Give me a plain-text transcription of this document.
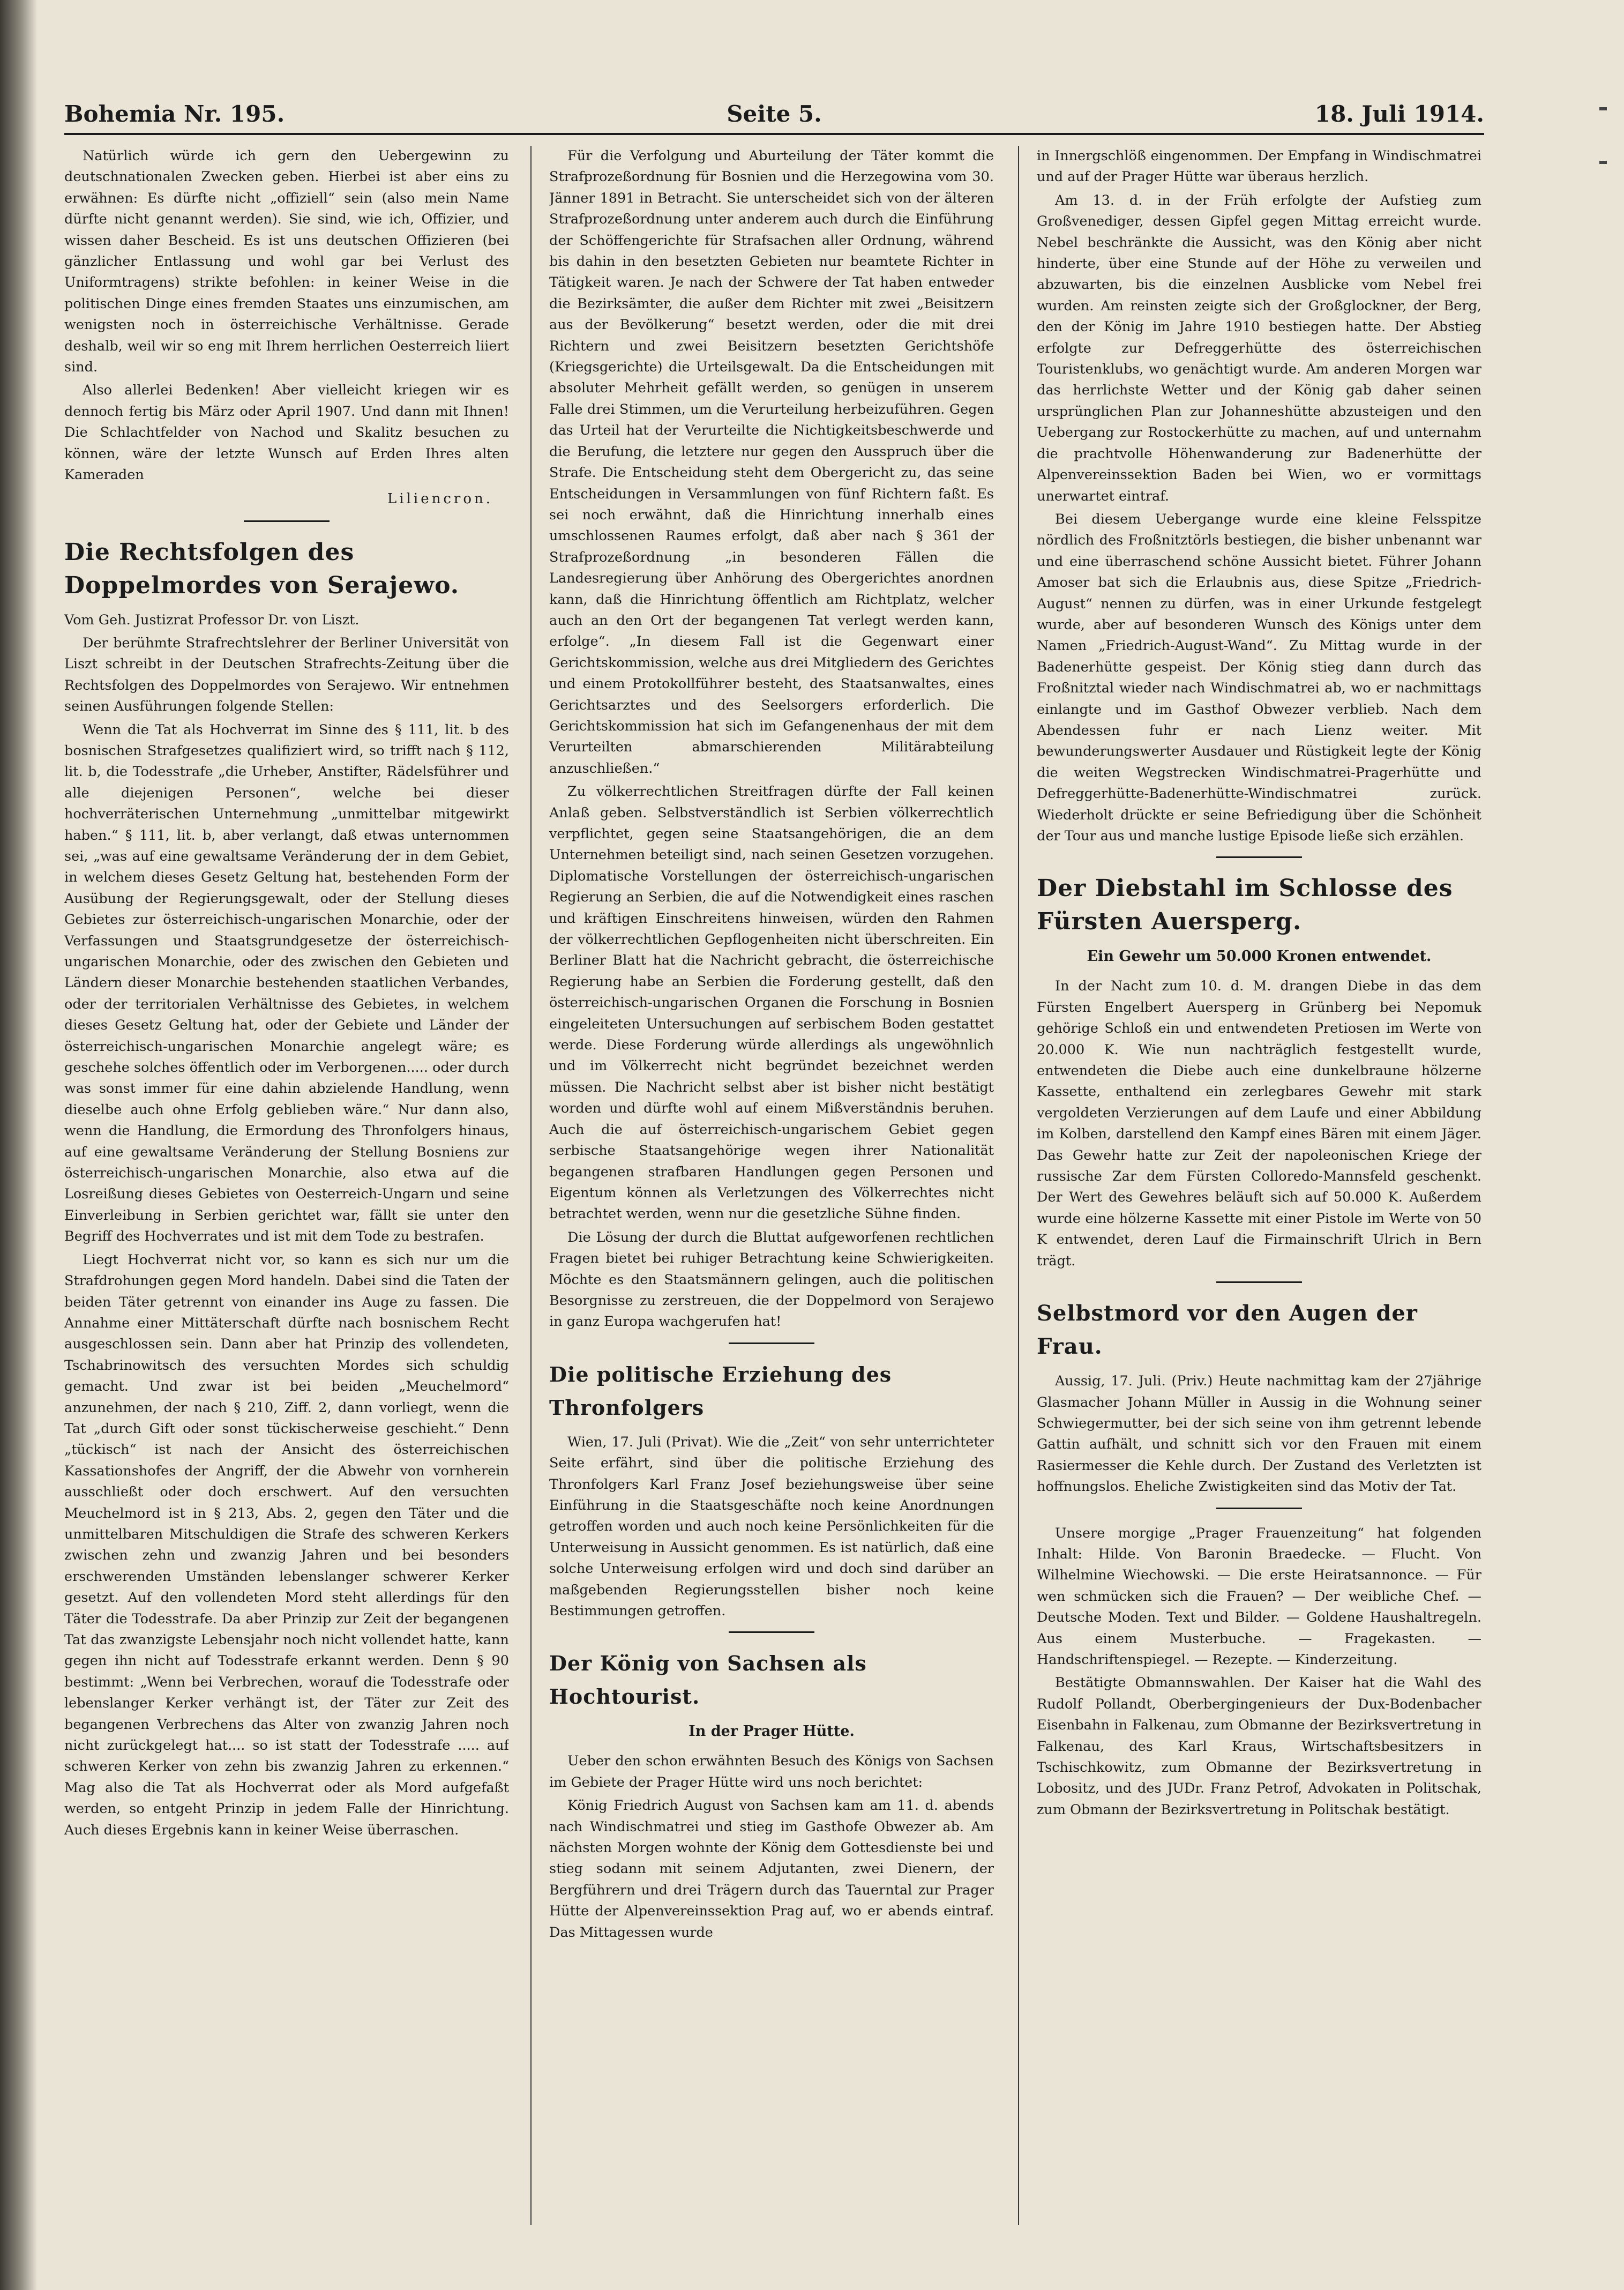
Bohemia Nr. 195.	Seite 5.	18. Juli 1914.

Natürlich würde ich gern den Uebergewinn zu deutschnationalen Zwecken geben. Hierbei ist aber eins zu erwähnen: Es dürfte nicht „offiziell“ sein (also mein Name dürfte nicht genannt werden). Sie sind, wie ich, Offizier, und wissen daher Bescheid. Es ist uns deutschen Offizieren (bei gänzlicher Entlassung und wohl gar bei Verlust des Uniformtragens) strikte befohlen: in keiner Weise in die politischen Dinge eines fremden Staates uns einzumischen, am wenigsten noch in österreichische Verhältnisse. Gerade deshalb, weil wir so eng mit Ihrem herrlichen Oesterreich liiert sind.

Also allerlei Bedenken! Aber vielleicht kriegen wir es dennoch fertig bis März oder April 1907. Und dann mit Ihnen! Die Schlachtfelder von Nachod und Skalitz besuchen zu können, wäre der letzte Wunsch auf Erden Ihres alten Kameraden

Liliencron.
Die Rechtsfolgen des Doppelmordes von Serajewo.

Vom Geh. Justizrat Professor Dr. von Liszt.

Der berühmte Strafrechtslehrer der Berliner Universität von Liszt schreibt in der Deutschen Strafrechts-Zeitung über die Rechtsfolgen des Doppelmordes von Serajewo. Wir entnehmen seinen Ausführungen folgende Stellen:

Wenn die Tat als Hochverrat im Sinne des § 111, lit. b des bosnischen Strafgesetzes qualifiziert wird, so trifft nach § 112, lit. b, die Todesstrafe „die Urheber, Anstifter, Rädelsführer und alle diejenigen Personen“, welche bei dieser hochverräterischen Unternehmung „unmittelbar mitgewirkt haben.“ § 111, lit. b, aber verlangt, daß etwas unternommen sei, „was auf eine gewaltsame Veränderung der in dem Gebiet, in welchem dieses Gesetz Geltung hat, bestehenden Form der Ausübung der Regierungsgewalt, oder der Stellung dieses Gebietes zur österreichisch-ungarischen Monarchie, oder der Verfassungen und Staatsgrundgesetze der österreichisch-ungarischen Monarchie, oder des zwischen den Gebieten und Ländern dieser Monarchie bestehenden staatlichen Verbandes, oder der territorialen Verhältnisse des Gebietes, in welchem dieses Gesetz Geltung hat, oder der Gebiete und Länder der österreichisch-ungarischen Monarchie angelegt wäre; es geschehe solches öffentlich oder im Verborgenen..... oder durch was sonst immer für eine dahin abzielende Handlung, wenn dieselbe auch ohne Erfolg geblieben wäre.“ Nur dann also, wenn die Handlung, die Ermordung des Thronfolgers hinaus, auf eine gewaltsame Veränderung der Stellung Bosniens zur österreichisch-ungarischen Monarchie, also etwa auf die Losreißung dieses Gebietes von Oesterreich-Ungarn und seine Einverleibung in Serbien gerichtet war, fällt sie unter den Begriff des Hochverrates und ist mit dem Tode zu bestrafen.

Liegt Hochverrat nicht vor, so kann es sich nur um die Strafdrohungen gegen Mord handeln. Dabei sind die Taten der beiden Täter getrennt von einander ins Auge zu fassen. Die Annahme einer Mittäterschaft dürfte nach bosnischem Recht ausgeschlossen sein. Dann aber hat Prinzip des vollendeten, Tschabrinowitsch des versuchten Mordes sich schuldig gemacht. Und zwar ist bei beiden „Meuchelmord“ anzunehmen, der nach § 210, Ziff. 2, dann vorliegt, wenn die Tat „durch Gift oder sonst tückischerweise geschieht.“ Denn „tückisch“ ist nach der Ansicht des österreichischen Kassationshofes der Angriff, der die Abwehr von vornherein ausschließt oder doch erschwert. Auf den versuchten Meuchelmord ist in § 213, Abs. 2, gegen den Täter und die unmittelbaren Mitschuldigen die Strafe des schweren Kerkers zwischen zehn und zwanzig Jahren und bei besonders erschwerenden Umständen lebenslanger schwerer Kerker gesetzt. Auf den vollendeten Mord steht allerdings für den Täter die Todesstrafe. Da aber Prinzip zur Zeit der begangenen Tat das zwanzigste Lebensjahr noch nicht vollendet hatte, kann gegen ihn nicht auf Todesstrafe erkannt werden. Denn § 90 bestimmt: „Wenn bei Verbrechen, worauf die Todesstrafe oder lebenslanger Kerker verhängt ist, der Täter zur Zeit des begangenen Verbrechens das Alter von zwanzig Jahren noch nicht zurückgelegt hat.... so ist statt der Todesstrafe ..... auf schweren Kerker von zehn bis zwanzig Jahren zu erkennen.“ Mag also die Tat als Hochverrat oder als Mord aufgefaßt werden, so entgeht Prinzip in jedem Falle der Hinrichtung. Auch dieses Ergebnis kann in keiner Weise überraschen.

Für die Verfolgung und Aburteilung der Täter kommt die Strafprozeßordnung für Bosnien und die Herzegowina vom 30. Jänner 1891 in Betracht. Sie unterscheidet sich von der älteren Strafprozeßordnung unter anderem auch durch die Einführung der Schöffengerichte für Strafsachen aller Ordnung, während bis dahin in den besetzten Gebieten nur beamtete Richter in Tätigkeit waren. Je nach der Schwere der Tat haben entweder die Bezirksämter, die außer dem Richter mit zwei „Beisitzern aus der Bevölkerung“ besetzt werden, oder die mit drei Richtern und zwei Beisitzern besetzten Gerichtshöfe (Kriegsgerichte) die Urteilsgewalt. Da die Entscheidungen mit absoluter Mehrheit gefällt werden, so genügen in unserem Falle drei Stimmen, um die Verurteilung herbeizuführen. Gegen das Urteil hat der Verurteilte die Nichtigkeitsbeschwerde und die Berufung, die letztere nur gegen den Ausspruch über die Strafe. Die Entscheidung steht dem Obergericht zu, das seine Entscheidungen in Versammlungen von fünf Richtern faßt. Es sei noch erwähnt, daß die Hinrichtung innerhalb eines umschlossenen Raumes erfolgt, daß aber nach § 361 der Strafprozeßordnung „in besonderen Fällen die Landesregierung über Anhörung des Obergerichtes anordnen kann, daß die Hinrichtung öffentlich am Richtplatz, welcher auch an den Ort der begangenen Tat verlegt werden kann, erfolge“. „In diesem Fall ist die Gegenwart einer Gerichtskommission, welche aus drei Mitgliedern des Gerichtes und einem Protokollführer besteht, des Staatsanwaltes, eines Gerichtsarztes und des Seelsorgers erforderlich. Die Gerichtskommission hat sich im Gefangenenhaus der mit dem Verurteilten abmarschierenden Militärabteilung anzuschließen.“

Zu völkerrechtlichen Streitfragen dürfte der Fall keinen Anlaß geben. Selbstverständlich ist Serbien völkerrechtlich verpflichtet, gegen seine Staatsangehörigen, die an dem Unternehmen beteiligt sind, nach seinen Gesetzen vorzugehen. Diplomatische Vorstellungen der österreichisch-ungarischen Regierung an Serbien, die auf die Notwendigkeit eines raschen und kräftigen Einschreitens hinweisen, würden den Rahmen der völkerrechtlichen Gepflogenheiten nicht überschreiten. Ein Berliner Blatt hat die Nachricht gebracht, die österreichische Regierung habe an Serbien die Forderung gestellt, daß den österreichisch-ungarischen Organen die Forschung in Bosnien eingeleiteten Untersuchungen auf serbischem Boden gestattet werde. Diese Forderung würde allerdings als ungewöhnlich und im Völkerrecht nicht begründet bezeichnet werden müssen. Die Nachricht selbst aber ist bisher nicht bestätigt worden und dürfte wohl auf einem Mißverständnis beruhen. Auch die auf österreichisch-ungarischem Gebiet gegen serbische Staatsangehörige wegen ihrer Nationalität begangenen strafbaren Handlungen gegen Personen und Eigentum können als Verletzungen des Völkerrechtes nicht betrachtet werden, wenn nur die gesetzliche Sühne finden.

Die Lösung der durch die Bluttat aufgeworfenen rechtlichen Fragen bietet bei ruhiger Betrachtung keine Schwierigkeiten. Möchte es den Staatsmännern gelingen, auch die politischen Besorgnisse zu zerstreuen, die der Doppelmord von Serajewo in ganz Europa wachgerufen hat!

Die politische Erziehung des Thronfolgers

Wien, 17. Juli (Privat). Wie die „Zeit“ von sehr unterrichteter Seite erfährt, sind über die politische Erziehung des Thronfolgers Karl Franz Josef beziehungsweise über seine Einführung in die Staatsgeschäfte noch keine Anordnungen getroffen worden und auch noch keine Persönlichkeiten für die Unterweisung in Aussicht genommen. Es ist natürlich, daß eine solche Unterweisung erfolgen wird und doch sind darüber an maßgebenden Regierungsstellen bisher noch keine Bestimmungen getroffen.

Der König von Sachsen als Hochtourist.
In der Prager Hütte.

Ueber den schon erwähnten Besuch des Königs von Sachsen im Gebiete der Prager Hütte wird uns noch berichtet:

König Friedrich August von Sachsen kam am 11. d. abends nach Windischmatrei und stieg im Gasthofe Obwezer ab. Am nächsten Morgen wohnte der König dem Gottesdienste bei und stieg sodann mit seinem Adjutanten, zwei Dienern, der Bergführern und drei Trägern durch das Tauerntal zur Prager Hütte der Alpenvereinssektion Prag auf, wo er abends eintraf. Das Mittagessen wurde

in Innergschlöß eingenommen. Der Empfang in Windischmatrei und auf der Prager Hütte war überaus herzlich.

Am 13. d. in der Früh erfolgte der Aufstieg zum Großvenediger, dessen Gipfel gegen Mittag erreicht wurde. Nebel beschränkte die Aussicht, was den König aber nicht hinderte, über eine Stunde auf der Höhe zu verweilen und abzuwarten, bis die einzelnen Ausblicke vom Nebel frei wurden. Am reinsten zeigte sich der Großglockner, der Berg, den der König im Jahre 1910 bestiegen hatte. Der Abstieg erfolgte zur Defreggerhütte des österreichischen Touristenklubs, wo genächtigt wurde. Am anderen Morgen war das herrlichste Wetter und der König gab daher seinen ursprünglichen Plan zur Johanneshütte abzusteigen und den Uebergang zur Rostockerhütte zu machen, auf und unternahm die prachtvolle Höhenwanderung zur Badenerhütte der Alpenvereinssektion Baden bei Wien, wo er vormittags unerwartet eintraf.

Bei diesem Uebergange wurde eine kleine Felsspitze nördlich des Froßnitztörls bestiegen, die bisher unbenannt war und eine überraschend schöne Aussicht bietet. Führer Johann Amoser bat sich die Erlaubnis aus, diese Spitze „Friedrich-August“ nennen zu dürfen, was in einer Urkunde festgelegt wurde, aber auf besonderen Wunsch des Königs unter dem Namen „Friedrich-August-Wand“. Zu Mittag wurde in der Badenerhütte gespeist. Der König stieg dann durch das Froßnitztal wieder nach Windischmatrei ab, wo er nachmittags einlangte und im Gasthof Obwezer verblieb. Nach dem Abendessen fuhr er nach Lienz weiter. Mit bewunderungswerter Ausdauer und Rüstigkeit legte der König die weiten Wegstrecken Windischmatrei-Pragerhütte und Defreggerhütte-Badenerhütte-Windischmatrei zurück. Wiederholt drückte er seine Befriedigung über die Schönheit der Tour aus und manche lustige Episode ließe sich erzählen.

Der Diebstahl im Schlosse des Fürsten Auersperg.
Ein Gewehr um 50.000 Kronen entwendet.

In der Nacht zum 10. d. M. drangen Diebe in das dem Fürsten Engelbert Auersperg in Grünberg bei Nepomuk gehörige Schloß ein und entwendeten Pretiosen im Werte von 20.000 K. Wie nun nachträglich festgestellt wurde, entwendeten die Diebe auch eine dunkelbraune hölzerne Kassette, enthaltend ein zerlegbares Gewehr mit stark vergoldeten Verzierungen auf dem Laufe und einer Abbildung im Kolben, darstellend den Kampf eines Bären mit einem Jäger. Das Gewehr hatte zur Zeit der napoleonischen Kriege der russische Zar dem Fürsten Colloredo-Mannsfeld geschenkt. Der Wert des Gewehres beläuft sich auf 50.000 K. Außerdem wurde eine hölzerne Kassette mit einer Pistole im Werte von 50 K entwendet, deren Lauf die Firmainschrift Ulrich in Bern trägt.

Selbstmord vor den Augen der Frau.

Aussig, 17. Juli. (Priv.) Heute nachmittag kam der 27jährige Glasmacher Johann Müller in Aussig in die Wohnung seiner Schwiegermutter, bei der sich seine von ihm getrennt lebende Gattin aufhält, und schnitt sich vor den Frauen mit einem Rasiermesser die Kehle durch. Der Zustand des Verletzten ist hoffnungslos. Eheliche Zwistigkeiten sind das Motiv der Tat.

Unsere morgige „Prager Frauenzeitung“ hat folgenden Inhalt: Hilde. Von Baronin Braedecke. — Flucht. Von Wilhelmine Wiechowski. — Die erste Heiratsannonce. — Für wen schmücken sich die Frauen? — Der weibliche Chef. — Deutsche Moden. Text und Bilder. — Goldene Haushaltregeln. Aus einem Musterbuche. — Fragekasten. — Handschriftenspiegel. — Rezepte. — Kinderzeitung.

Bestätigte Obmannswahlen. Der Kaiser hat die Wahl des Rudolf Pollandt, Oberbergingenieurs der Dux-Bodenbacher Eisenbahn in Falkenau, zum Obmanne der Bezirksvertretung in Falkenau, des Karl Kraus, Wirtschaftsbesitzers in Tschischkowitz, zum Obmanne der Bezirksvertretung in Lobositz, und des JUDr. Franz Petrof, Advokaten in Politschak, zum Obmann der Bezirksvertretung in Politschak bestätigt.
